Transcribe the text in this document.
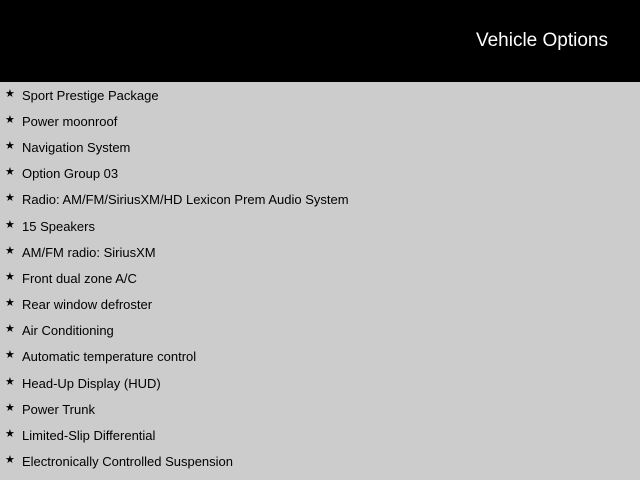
Vehicle Options
★ Sport Prestige Package
★ Power moonroof
★ Navigation System
★ Option Group 03
★ Radio: AM/FM/SiriusXM/HD Lexicon Prem Audio System
★ 15 Speakers
★ AM/FM radio: SiriusXM
★ Front dual zone A/C
★ Rear window defroster
★ Air Conditioning
★ Automatic temperature control
★ Head-Up Display (HUD)
★ Power Trunk
★ Limited-Slip Differential
★ Electronically Controlled Suspension
